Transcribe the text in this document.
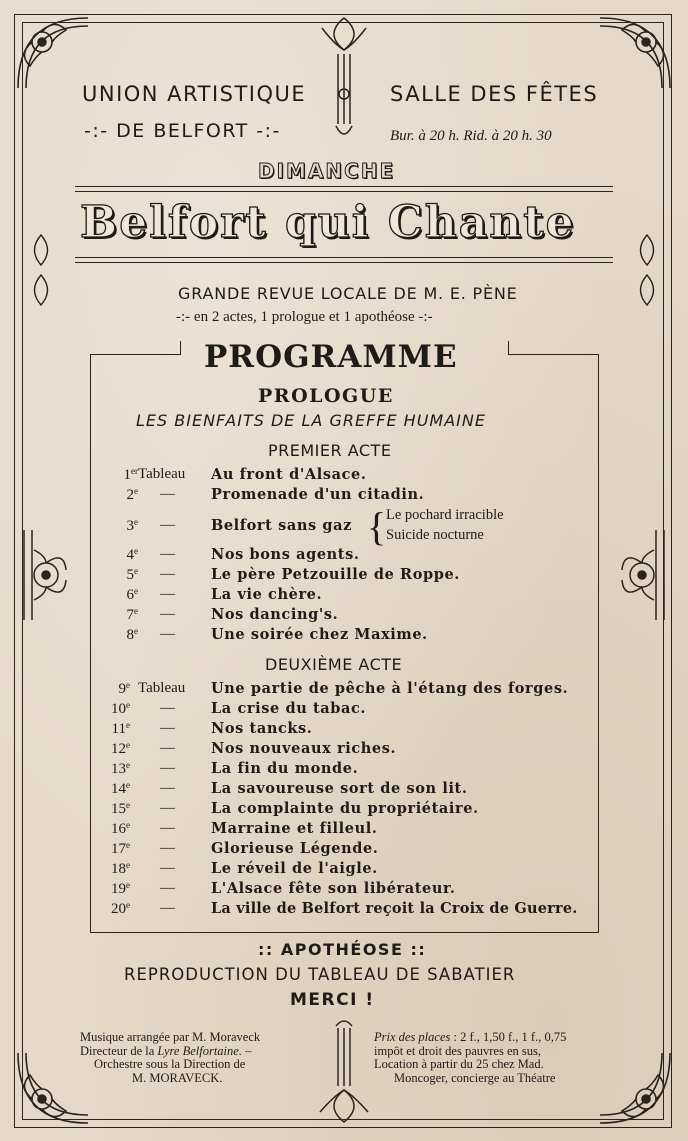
UNION ARTISTIQUE
-:- DE BELFORT -:-
SALLE DES FÊTES
Bur. à 20 h. Rid. à 20 h. 30
DIMANCHE
Belfort qui Chante
GRANDE REVUE LOCALE DE M. E. PÈNE
-:- en 2 actes, 1 prologue et 1 apothéose -:-
PROGRAMME
PROLOGUE
LES BIENFAITS DE LA GREFFE HUMAINE
PREMIER ACTE
1er Tableau Au front d'Alsace.
2e — Promenade d'un citadin.
3e — Belfort sans gaz { Le pochard irracible
Suicide nocturne
4e — Nos bons agents.
5e — Le père Petzouille de Roppe.
6e — La vie chère.
7e — Nos dancing's.
8e — Une soirée chez Maxime.
DEUXIÈME ACTE
9e Tableau Une partie de pêche à l'étang des forges.
10e — La crise du tabac.
11e — Nos tancks.
12e — Nos nouveaux riches.
13e — La fin du monde.
14e — La savoureuse sort de son lit.
15e — La complainte du propriétaire.
16e — Marraine et filleul.
17e — Glorieuse Légende.
18e — Le réveil de l'aigle.
19e — L'Alsace fête son libérateur.
20e — La ville de Belfort reçoit la Croix de Guerre.
:: APOTHÉOSE ::
REPRODUCTION DU TABLEAU DE SABATIER
MERCI !
Musique arrangée par M. Moraveck
Directeur de la Lyre Belfortaine. –
Orchestre sous la Direction de
M. MORAVECK.
Prix des places : 2 f., 1,50 f., 1 f., 0,75
impôt et droit des pauvres en sus,
Location à partir du 25 chez Mad.
Moncoger, concierge au Théatre
